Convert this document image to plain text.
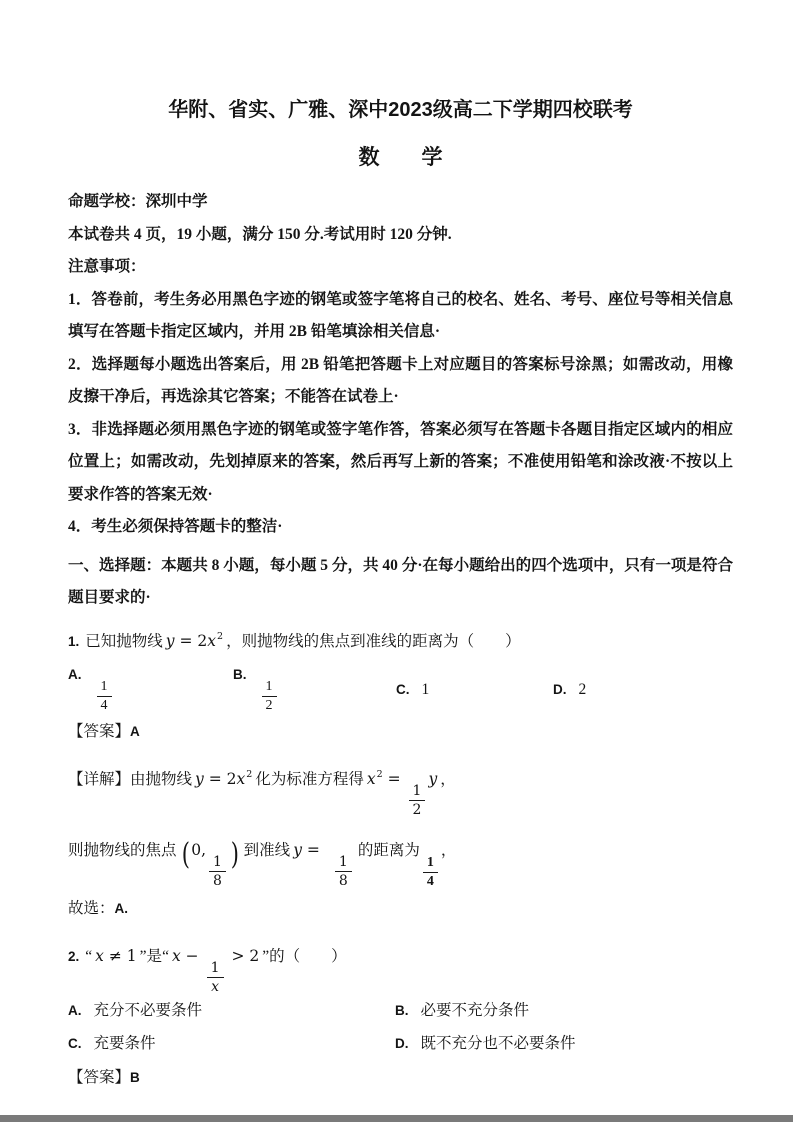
华附、省实、广雅、深中2023级高二下学期四校联考
数　　学

命题学校：深圳中学

本试卷共 4 页，19 小题，满分 150 分.考试用时 120 分钟.

注意事项：

1．答卷前，考生务必用黑色字迹的钢笔或签字笔将自己的校名、姓名、考号、座位号等相关信息填写在答题卡指定区域内，并用 2B 铅笔填涂相关信息·

2．选择题每小题选出答案后，用 2B 铅笔把答题卡上对应题目的答案标号涂黑；如需改动，用橡皮擦干净后，再选涂其它答案；不能答在试卷上·

3．非选择题必须用黑色字迹的钢笔或签字笔作答，答案必须写在答题卡各题目指定区域内的相应位置上；如需改动，先划掉原来的答案，然后再写上新的答案；不准使用铅笔和涂改液·不按以上要求作答的答案无效·

4．考生必须保持答题卡的整洁·

一、选择题：本题共 8 小题，每小题 5 分，共 40 分·在每小题给出的四个选项中，只有一项是符合题目要求的·

1. 已知抛物线 $y = 2x^2$ ，则抛物线的焦点到准线的距离为（　　）

A.
$\frac{1}{4}$
B.
$\frac{1}{2}$	C. 1	D. 2

【答案】A

【详解】由抛物线 $y = 2x^2$ 化为标准方程得 $x^2$ =
$\frac{1}{2}$
y ，

则抛物线的焦点 ( 0,
$\frac{1}{8}$ ) 到准线 y =
$\frac{1}{8}$
的距离为
$\frac{1}{4}$
，

故选：A.

2. “ x ≠ 1 ”是“ x −
$\frac{1}{x}$
> 2 ”的（　　）

A. 充分不必要条件	B. 必要不充分条件
C. 充要条件	D. 既不充分也不必要条件

【答案】B
